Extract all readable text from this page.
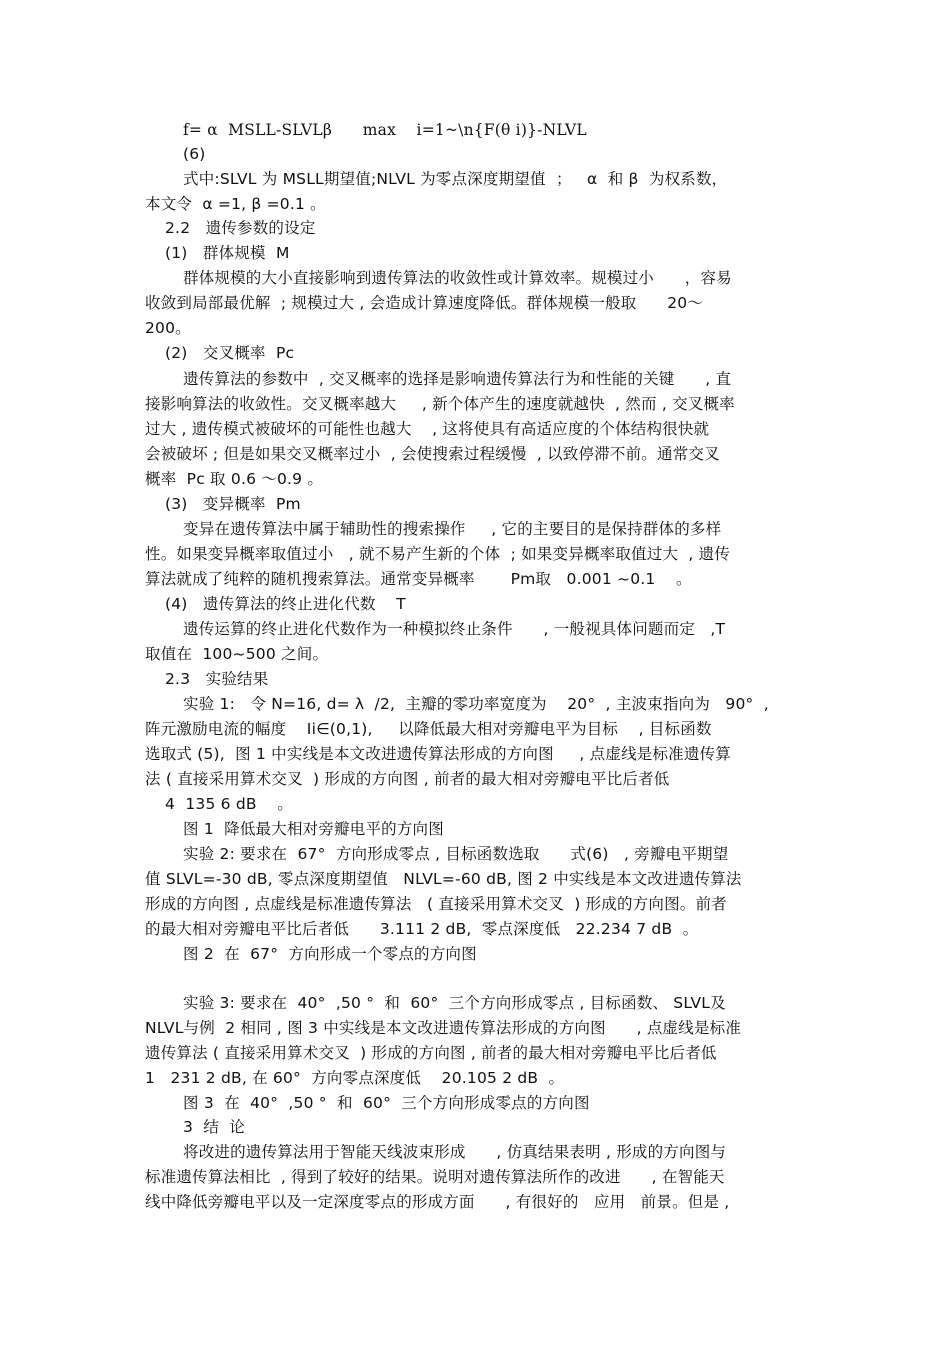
f= α  MSLL-SLVLβ      max    i=1~\n{F(θ i)}-NLVL
(6)
式中:SLVL 为 MSLL期望值;NLVL 为零点深度期望值  ；   α  和 β  为权系数，
本文令  α =1, β =0.1 。
2.2   遗传参数的设定
(1)   群体规模  M
群体规模的大小直接影响到遗传算法的收敛性或计算效率。规模过小      ，容易
收敛到局部最优解  ; 规模过大 , 会造成计算速度降低。群体规模一般取      20～
200。
(2)   交叉概率  Pc
遗传算法的参数中  , 交叉概率的选择是影响遗传算法行为和性能的关键      , 直
接影响算法的收敛性。交叉概率越大     , 新个体产生的速度就越快  , 然而 , 交叉概率
过大 , 遗传模式被破坏的可能性也越大    , 这将使具有高适应度的个体结构很快就
会被破坏 ; 但是如果交叉概率过小  , 会使搜索过程缓慢  , 以致停滞不前。通常交叉
概率  Pc 取 0.6 ～0.9 。
(3)   变异概率  Pm
变异在遗传算法中属于辅助性的搜索操作     , 它的主要目的是保持群体的多样
性。如果变异概率取值过小   , 就不易产生新的个体  ; 如果变异概率取值过大  , 遗传
算法就成了纯粹的随机搜索算法。通常变异概率       Pm取   0.001 ~0.1    。
(4)   遗传算法的终止进化代数    T
遗传运算的终止进化代数作为一种模拟终止条件      , 一般视具体问题而定   ,T
取值在  100~500 之间。
2.3   实验结果
实验 1:   令 N=16, d= λ  /2,  主瓣的零功率宽度为    20°  , 主波束指向为   90°  ,
阵元激励电流的幅度    Ii∈(0,1),     以降低最大相对旁瓣电平为目标    , 目标函数
选取式 (5),  图 1 中实线是本文改进遗传算法形成的方向图     , 点虚线是标准遗传算
法 ( 直接采用算术交叉  ) 形成的方向图 , 前者的最大相对旁瓣电平比后者低
4  135 6 dB    。
图 1  降低最大相对旁瓣电平的方向图
实验 2: 要求在  67°  方向形成零点 , 目标函数选取      式(6)   , 旁瓣电平期望
值 SLVL=-30 dB, 零点深度期望值   NLVL=-60 dB, 图 2 中实线是本文改进遗传算法
形成的方向图 , 点虚线是标准遗传算法   ( 直接采用算术交叉  ) 形成的方向图。前者
的最大相对旁瓣电平比后者低      3.111 2 dB,  零点深度低   22.234 7 dB  。
图 2  在  67°  方向形成一个零点的方向图
实验 3: 要求在  40°  ,50 °  和  60°  三个方向形成零点 , 目标函数、 SLVL及
NLVL与例  2 相同 , 图 3 中实线是本文改进遗传算法形成的方向图      , 点虚线是标准
遗传算法 ( 直接采用算术交叉  ) 形成的方向图 , 前者的最大相对旁瓣电平比后者低
1   231 2 dB, 在 60°  方向零点深度低    20.105 2 dB  。
图 3  在  40°  ,50 °  和  60°  三个方向形成零点的方向图
3  结  论
将改进的遗传算法用于智能天线波束形成      , 仿真结果表明 , 形成的方向图与
标准遗传算法相比  , 得到了较好的结果。说明对遗传算法所作的改进      , 在智能天
线中降低旁瓣电平以及一定深度零点的形成方面      , 有很好的   应用   前景。但是 ,
